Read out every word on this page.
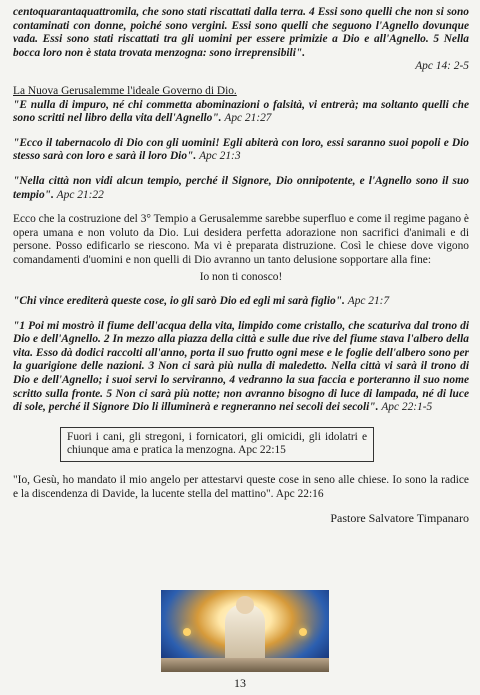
centoquarantaquattromila, che sono stati riscattati dalla terra. 4 Essi sono quelli che non si sono contaminati con donne, poiché sono vergini. Essi sono quelli che seguono l'Agnello dovunque vada. Essi sono stati riscattati tra gli uomini per essere primizie a Dio e all'Agnello. 5 Nella bocca loro non è stata trovata menzogna: sono irreprensibili".

Apc 14: 2-5

La Nuova Gerusalemme l'ideale Governo di Dio.

"E nulla di impuro, né chi commetta abominazioni o falsità, vi entrerà; ma soltanto quelli che sono scritti nel libro della vita dell'Agnello". Apc 21:27

"Ecco il tabernacolo di Dio con gli uomini! Egli abiterà con loro, essi saranno suoi popoli e Dio stesso sarà con loro e sarà il loro Dio". Apc 21:3

"Nella città non vidi alcun tempio, perché il Signore, Dio onnipotente, e l'Agnello sono il suo tempio". Apc 21:22

Ecco che la costruzione del 3° Tempio a Gerusalemme sarebbe superfluo e come il regime pagano è opera umana e non voluto da Dio. Lui desidera perfetta adorazione non sacrifici d'animali e di persone. Posso edificarlo se riescono. Ma vi è preparata distruzione. Così le chiese dove vigono comandamenti d'uomini e non quelli di Dio avranno un tanto delusione sopportare alla fine:

Io non ti conosco!

"Chi vince erediterà queste cose, io gli sarò Dio ed egli mi sarà figlio". Apc 21:7

"1 Poi mi mostrò il fiume dell'acqua della vita, limpido come cristallo, che scaturiva dal trono di Dio e dell'Agnello. 2 In mezzo alla piazza della città e sulle due rive del fiume stava l'albero della vita. Esso dà dodici raccolti all'anno, porta il suo frutto ogni mese e le foglie dell'albero sono per la guarigione delle nazioni. 3 Non ci sarà più nulla di maledetto. Nella città vi sarà il trono di Dio e dell'Agnello; i suoi servi lo serviranno, 4 vedranno la sua faccia e porteranno il suo nome scritto sulla fronte. 5 Non ci sarà più notte; non avranno bisogno di luce di lampada, né di luce di sole, perché il Signore Dio li illuminerà e regneranno nei secoli dei secoli". Apc 22:1-5

Fuori i cani, gli stregoni, i fornicatori, gli omicidi, gli idolatri e chiunque ama e pratica la menzogna. Apc 22:15

"Io, Gesù, ho mandato il mio angelo per attestarvi queste cose in seno alle chiese. Io sono la radice e la discendenza di Davide, la lucente stella del mattino". Apc 22:16

Pastore Salvatore Timpanaro
13
